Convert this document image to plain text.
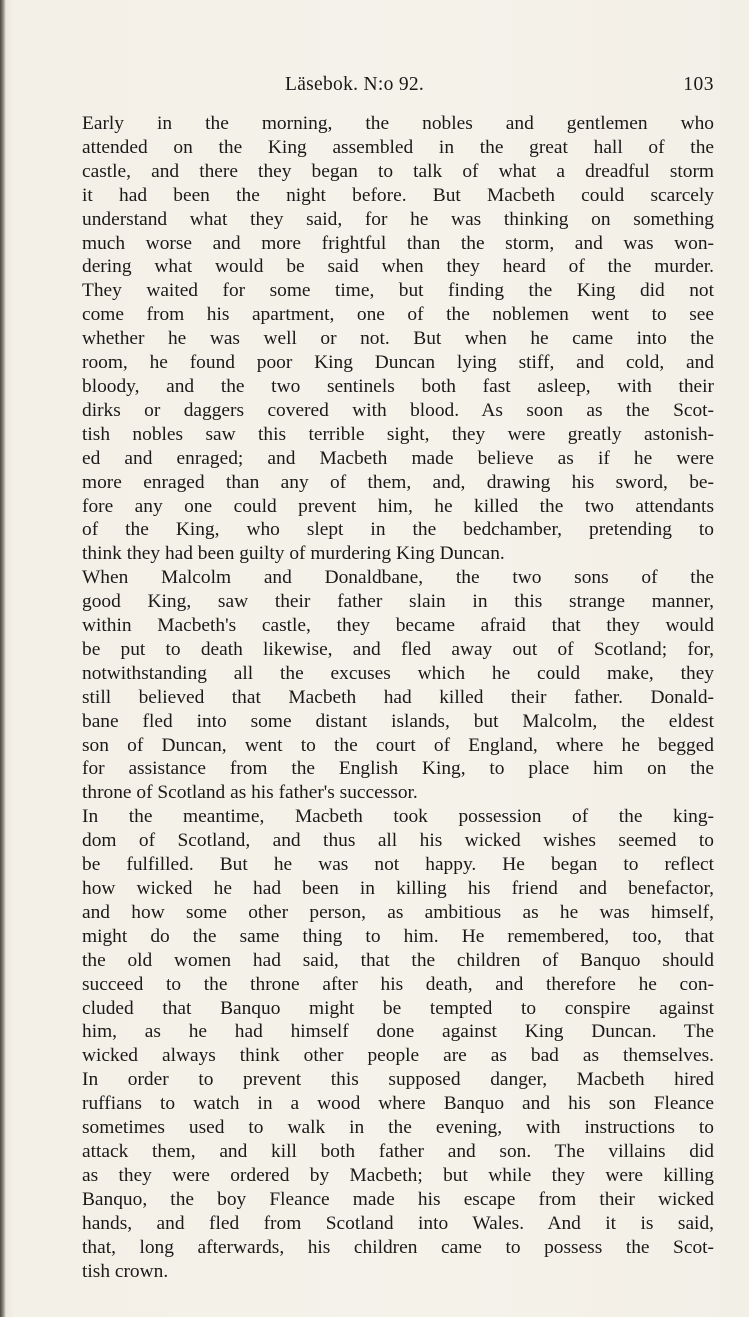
Läsebok. N:o 92.	103

Early in the morning, the nobles and gentlemen who
attended on the King assembled in the great hall of the
castle, and there they began to talk of what a dreadful storm
it had been the night before. But Macbeth could scarcely
understand what they said, for he was thinking on something
much worse and more frightful than the storm, and was won-
dering what would be said when they heard of the murder.
They waited for some time, but finding the King did not
come from his apartment, one of the noblemen went to see
whether he was well or not. But when he came into the
room, he found poor King Duncan lying stiff, and cold, and
bloody, and the two sentinels both fast asleep, with their
dirks or daggers covered with blood. As soon as the Scot-
tish nobles saw this terrible sight, they were greatly astonish-
ed and enraged; and Macbeth made believe as if he were
more enraged than any of them, and, drawing his sword, be-
fore any one could prevent him, he killed the two attendants
of the King, who slept in the bedchamber, pretending to
think they had been guilty of murdering King Duncan.

When Malcolm and Donaldbane, the two sons of the
good King, saw their father slain in this strange manner,
within Macbeth's castle, they became afraid that they would
be put to death likewise, and fled away out of Scotland; for,
notwithstanding all the excuses which he could make, they
still believed that Macbeth had killed their father. Donald-
bane fled into some distant islands, but Malcolm, the eldest
son of Duncan, went to the court of England, where he begged
for assistance from the English King, to place him on the
throne of Scotland as his father's successor.

In the meantime, Macbeth took possession of the king-
dom of Scotland, and thus all his wicked wishes seemed to
be fulfilled. But he was not happy. He began to reflect
how wicked he had been in killing his friend and benefactor,
and how some other person, as ambitious as he was himself,
might do the same thing to him. He remembered, too, that
the old women had said, that the children of Banquo should
succeed to the throne after his death, and therefore he con-
cluded that Banquo might be tempted to conspire against
him, as he had himself done against King Duncan. The
wicked always think other people are as bad as themselves.
In order to prevent this supposed danger, Macbeth hired
ruffians to watch in a wood where Banquo and his son Fleance
sometimes used to walk in the evening, with instructions to
attack them, and kill both father and son. The villains did
as they were ordered by Macbeth; but while they were killing
Banquo, the boy Fleance made his escape from their wicked
hands, and fled from Scotland into Wales. And it is said,
that, long afterwards, his children came to possess the Scot-
tish crown.
